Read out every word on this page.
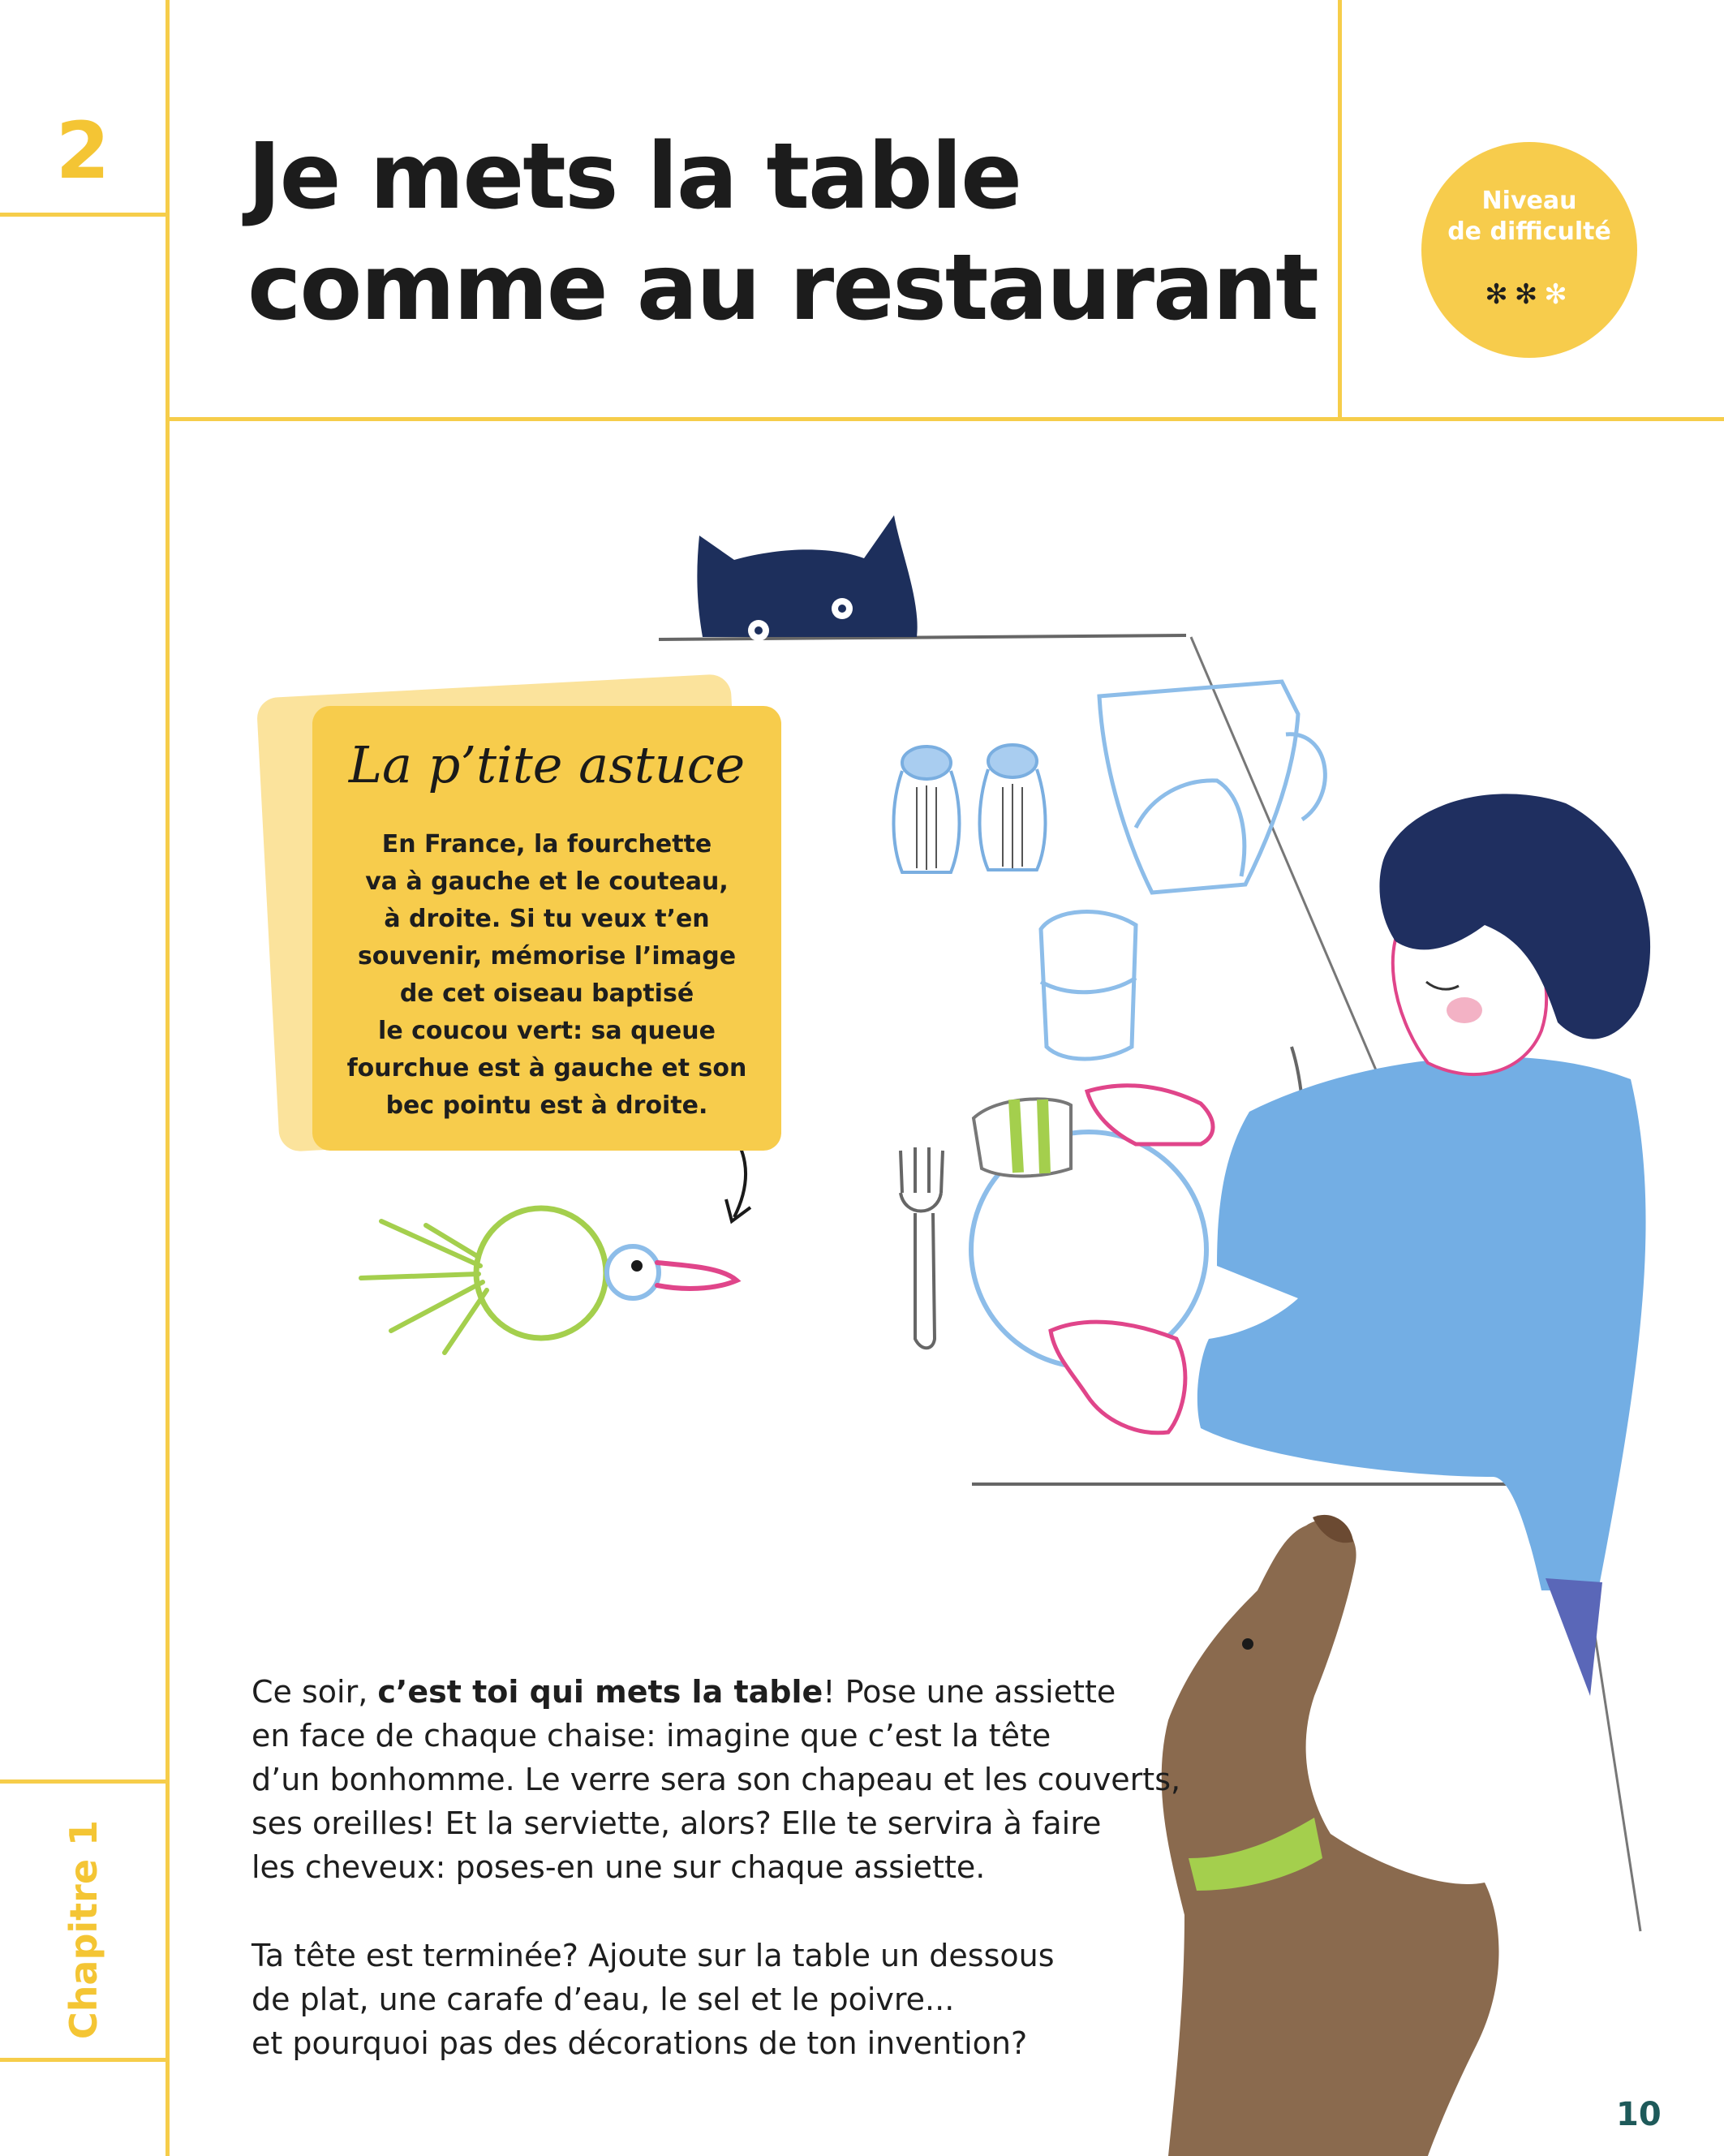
2	Je mets la table
comme au restaurant
Niveau
de difficulté
✻✻✻
La p’tite astuce
En France, la fourchette
va à gauche et le couteau,
à droite. Si tu veux t’en
souvenir, mémorise l’image
de cet oiseau baptisé
le coucou vert: sa queue
fourchue est à gauche et son
bec pointu est à droite.
Ce soir, c’est toi qui mets la table! Pose une assiette
en face de chaque chaise: imagine que c’est la tête
d’un bonhomme. Le verre sera son chapeau et les couverts,
ses oreilles! Et la serviette, alors? Elle te servira à faire
les cheveux: poses-en une sur chaque assiette.
Ta tête est terminée? Ajoute sur la table un dessous
de plat, une carafe d’eau, le sel et le poivre...
et pourquoi pas des décorations de ton invention?
Chapitre 1

10
